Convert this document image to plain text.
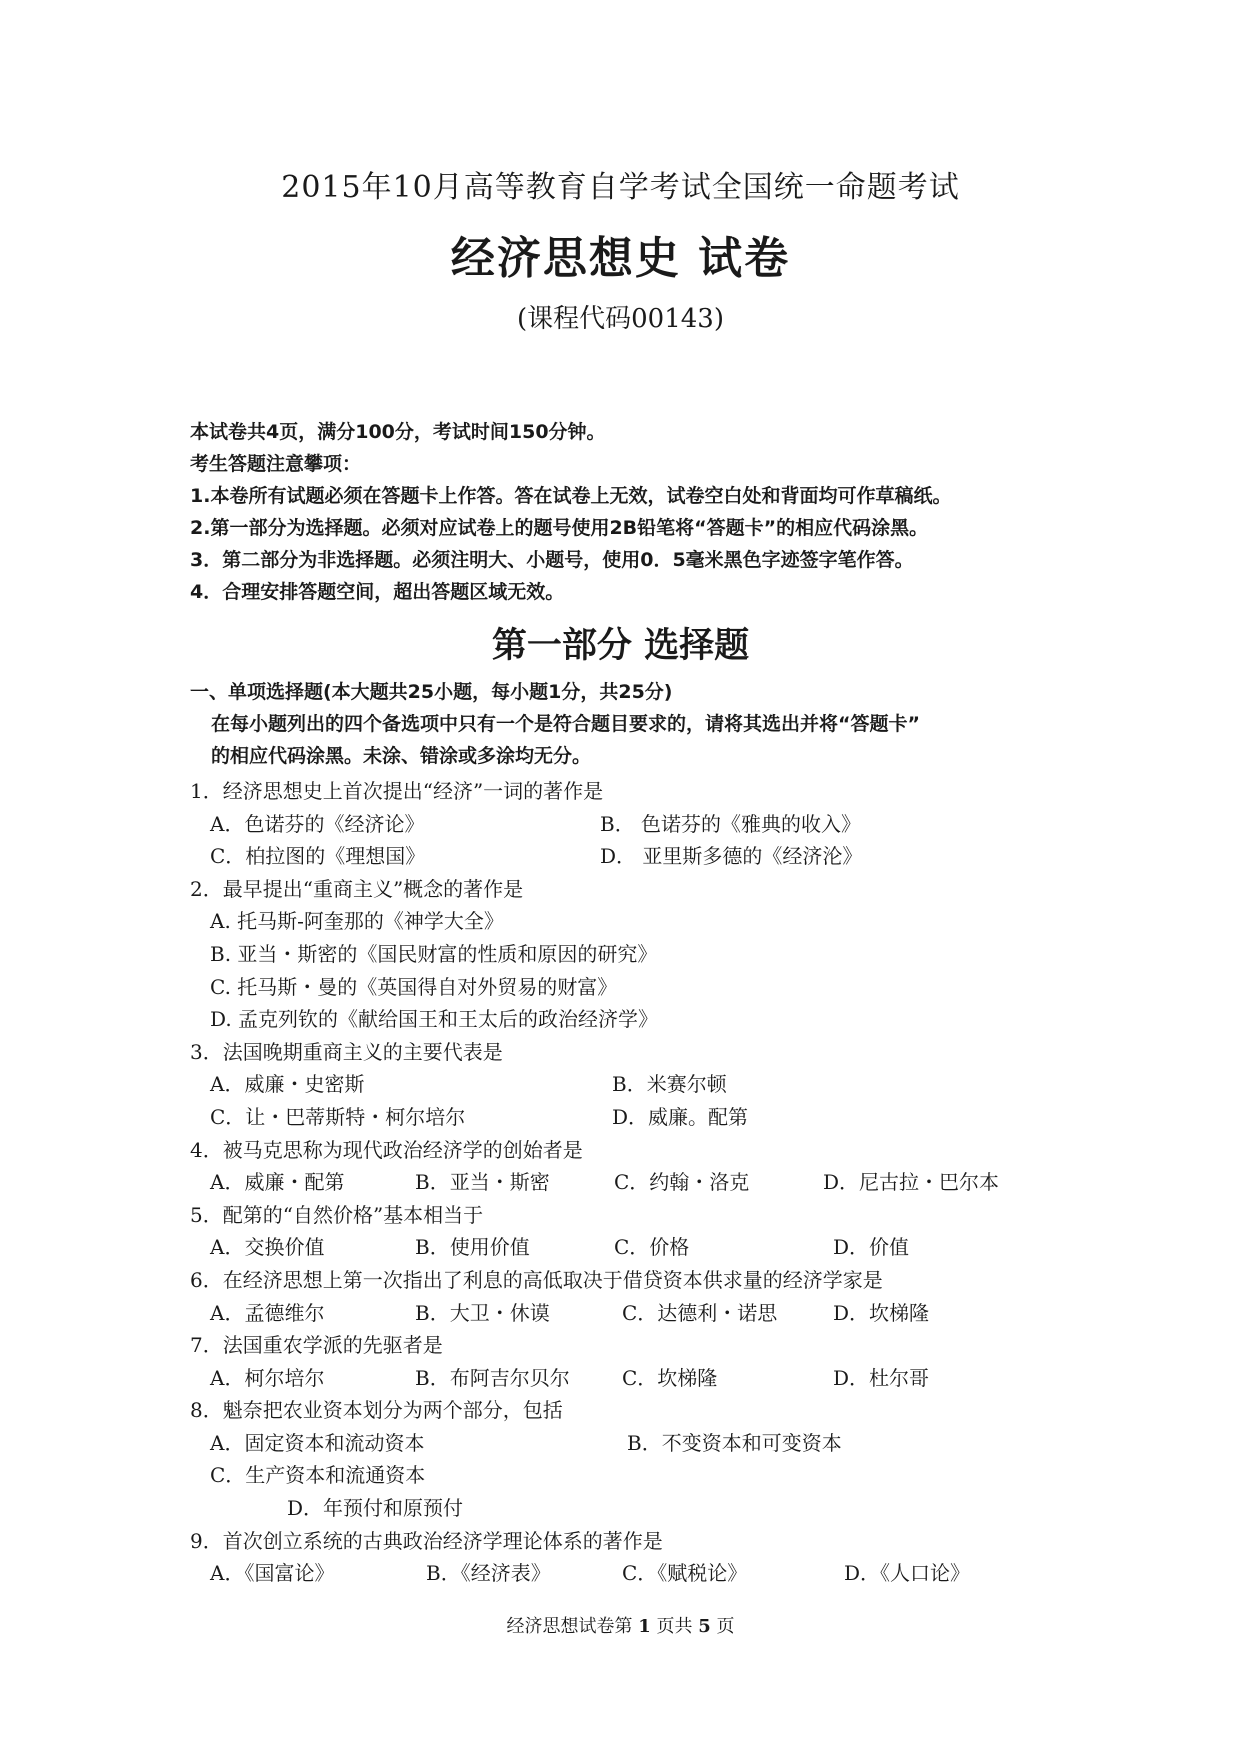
2015年10月高等教育自学考试全国统一命题考试
经济思想史 试卷
(课程代码00143)
本试卷共4页，满分100分，考试时间150分钟。
考生答题注意攀项：
1.本卷所有试题必须在答题卡上作答。答在试卷上无效，试卷空白处和背面均可作草稿纸。
2.第一部分为选择题。必须对应试卷上的题号使用2B铅笔将“答题卡”的相应代码涂黑。
3．第二部分为非选择题。必须注明大、小题号，使用0．5毫米黑色字迹签字笔作答。
4．合理安排答题空间，超出答题区域无效。
第一部分 选择题
一、单项选择题(本大题共25小题，每小题1分，共25分)
在每小题列出的四个备选项中只有一个是符合题目要求的，请将其选出并将“答题卡”
的相应代码涂黑。未涂、错涂或多涂均无分。
1．经济思想史上首次提出“经济”一词的著作是
A．色诺芬的《经济论》	B． 色诺芬的《雅典的收入》
C．柏拉图的《理想国》	D． 亚里斯多德的《经济沦》
2．最早提出“重商主义”概念的著作是
A. 托马斯-阿奎那的《神学大全》
B. 亚当・斯密的《国民财富的性质和原因的研究》
C. 托马斯・曼的《英国得自对外贸易的财富》
D. 孟克列钦的《献给国王和王太后的政治经济学》
3．法国晚期重商主义的主要代表是
A．威廉・史密斯	B．米赛尔顿
C．让・巴蒂斯特・柯尔培尔	D．威廉。配第
4．被马克思称为现代政治经济学的创始者是
A．威廉・配第	B．亚当・斯密	C．约翰・洛克	D．尼古拉・巴尔本
5．配第的“自然价格”基本相当于
A．交换价值	B．使用价值	C．价格	D．价值
6．在经济思想上第一次指出了利息的高低取决于借贷资本供求量的经济学家是
A．孟德维尔	B．大卫・休谟	C．达德利・诺思	D．坎梯隆
7．法国重农学派的先驱者是
A．柯尔培尔	B．布阿吉尔贝尔	C．坎梯隆	D．杜尔哥
8．魁奈把农业资本划分为两个部分，包括
A．固定资本和流动资本	B．不变资本和可变资本
C．生产资本和流通资本
D．年预付和原预付
9．首次创立系统的古典政治经济学理论体系的著作是
A．《国富论》	B．《经济表》	C．《赋税论》	D．《人口论》
经济思想试卷第 1 页共 5 页
